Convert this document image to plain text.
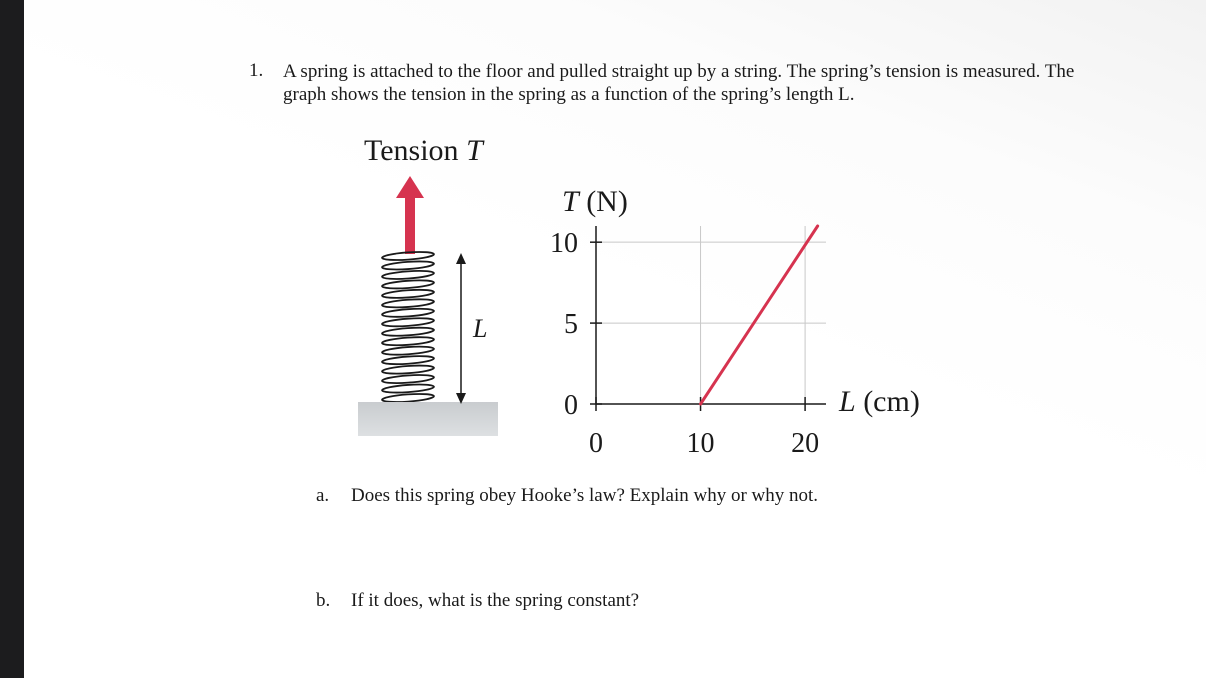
1. A spring is attached to the floor and pulled straight up by a string. The spring’s tension is measured. The graph shows the tension in the spring as a function of the spring’s length L.
Tension T
L
0
5
10
0	10	20
T (N)
L (cm)
a. Does this spring obey Hooke’s law? Explain why or why not.
b. If it does, what is the spring constant?
